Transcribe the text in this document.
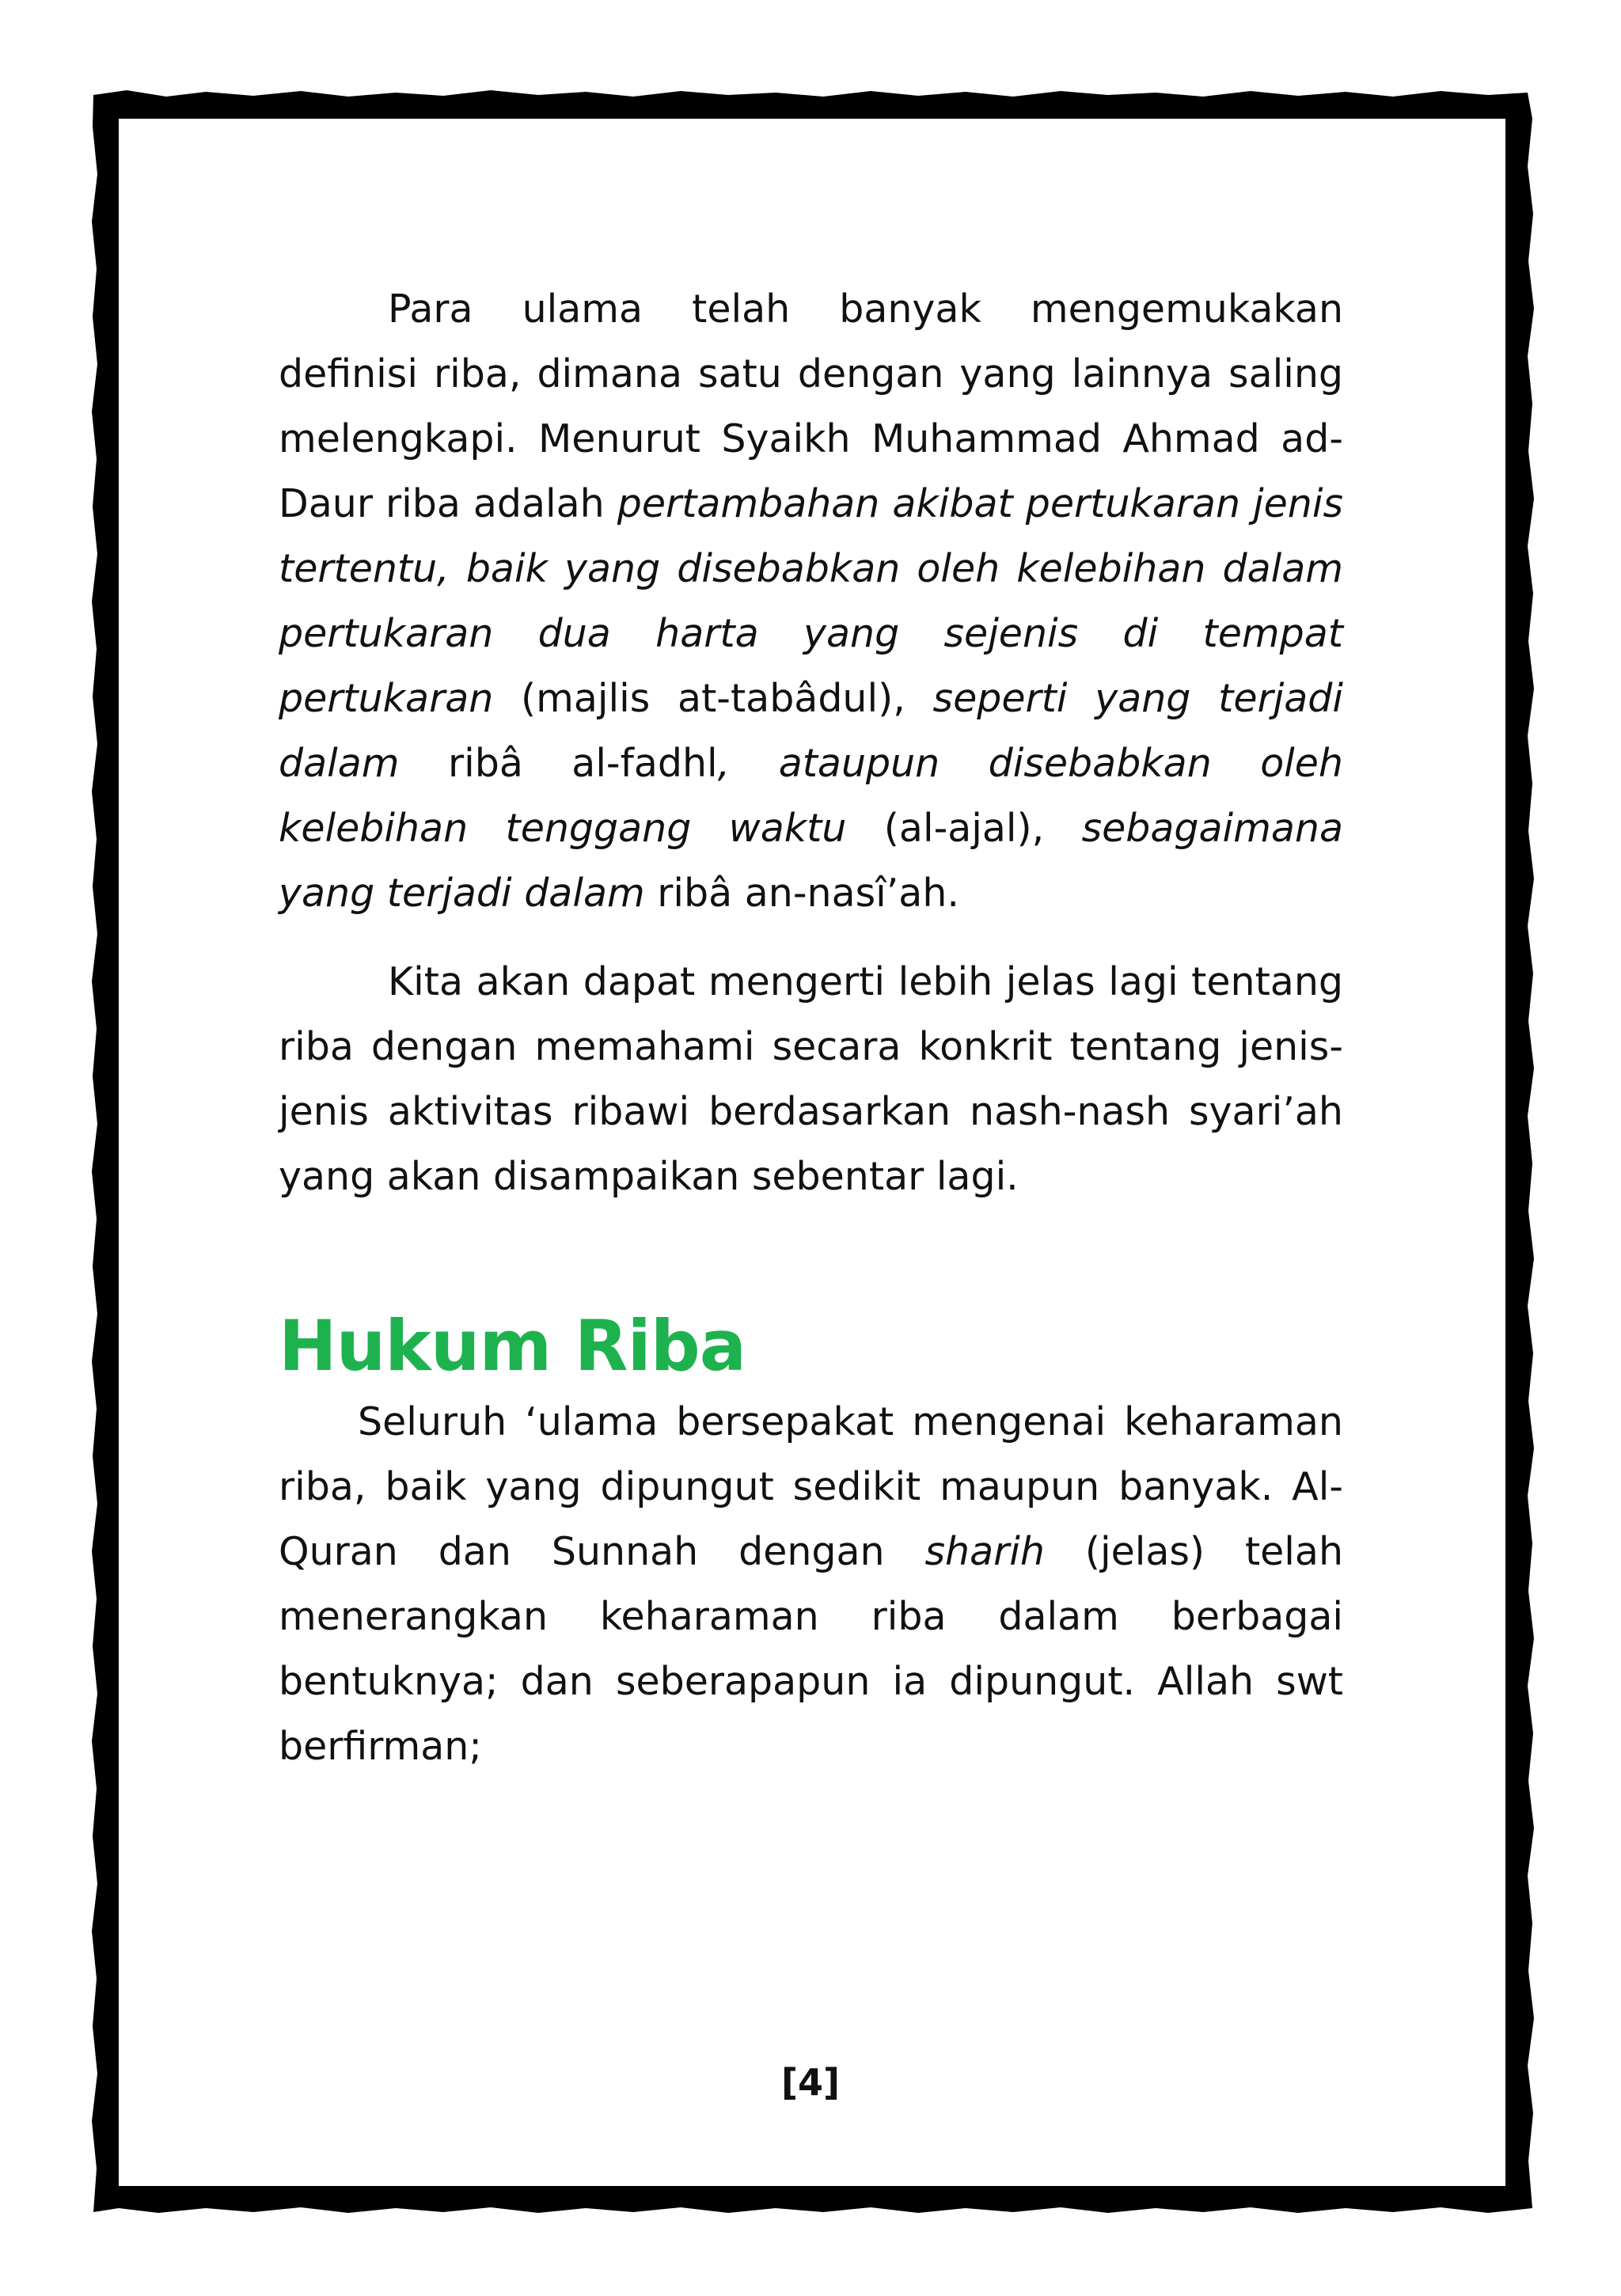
Para ulama telah banyak mengemukakan definisi riba, dimana satu dengan yang lainnya saling melengkapi. Menurut Syaikh Muhammad Ahmad ad-Daur riba adalah pertambahan akibat pertukaran jenis tertentu, baik yang disebabkan oleh kelebihan dalam pertukaran dua harta yang sejenis di tempat pertukaran (majlis at-tabâdul), seperti yang terjadi dalam ribâ al-fadhl, ataupun disebabkan oleh kelebihan tenggang waktu (al-ajal), sebagaimana yang terjadi dalam ribâ an-nasî’ah.

Kita akan dapat mengerti lebih jelas lagi tentang riba dengan memahami secara konkrit tentang jenis-jenis aktivitas ribawi berdasarkan nash-nash syari’ah yang akan disampaikan sebentar lagi.

Hukum Riba

Seluruh ‘ulama bersepakat mengenai keharaman riba, baik yang dipungut sedikit maupun banyak. Al-Quran dan Sunnah dengan sharih (jelas) telah menerangkan keharaman riba dalam berbagai bentuknya; dan seberapapun ia dipungut. Allah swt berfirman;

[4]
